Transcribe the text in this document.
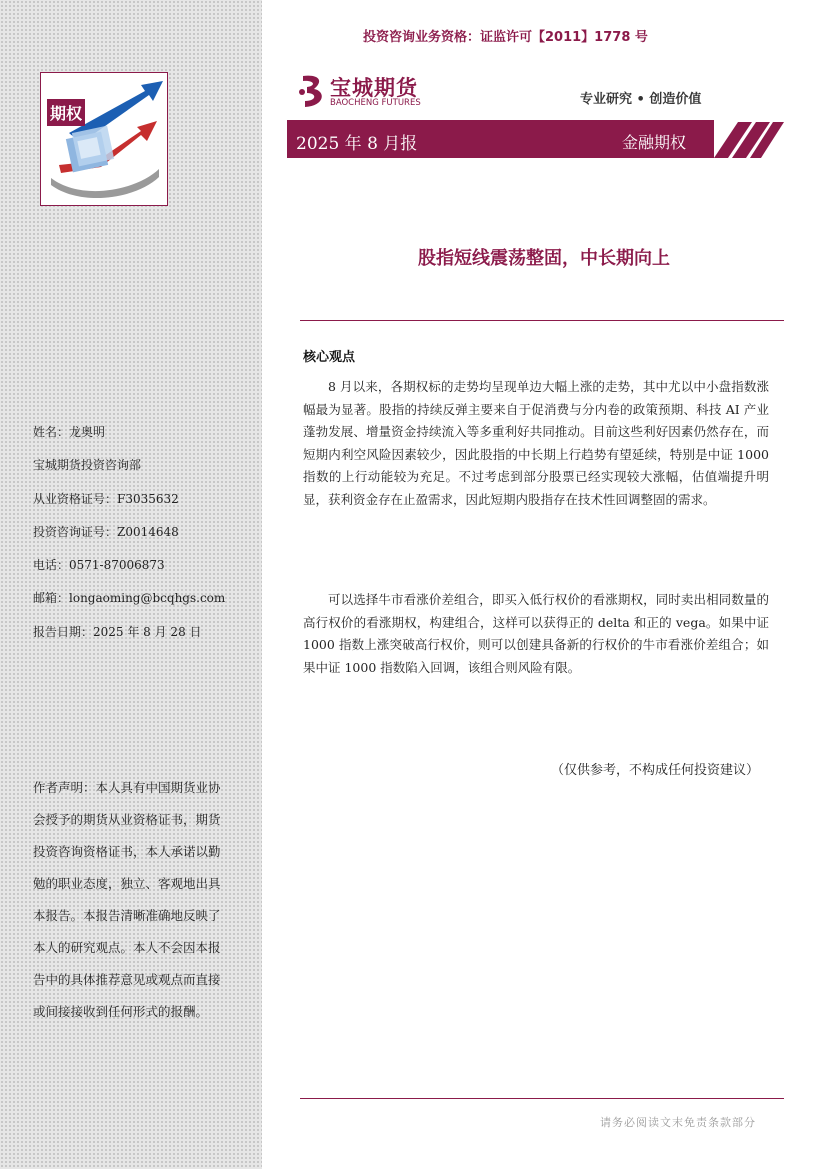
期权
姓名：龙奥明
宝城期货投资咨询部
从业资格证号：F3035632
投资咨询证号：Z0014648
电话：0571-87006873
邮箱：longaoming@bcqhgs.com
报告日期：2025 年 8 月 28 日

作者声明：本人具有中国期货业协会授予的期货从业资格证书，期货投资咨询资格证书，本人承诺以勤勉的职业态度，独立、客观地出具本报告。本报告清晰准确地反映了本人的研究观点。本人不会因本报告中的具体推荐意见或观点而直接或间接接收到任何形式的报酬。

投资咨询业务资格：证监许可【2011】1778 号
宝城期货
BAOCHENG FUTURES	专业研究 • 创造价值
2025 年 8 月报	金融期权
股指短线震荡整固，中长期向上
核心观点

8 月以来，各期权标的走势均呈现单边大幅上涨的走势，其中尤以中小盘指数涨幅最为显著。股指的持续反弹主要来自于促消费与分内卷的政策预期、科技 AI 产业蓬勃发展、增量资金持续流入等多重利好共同推动。目前这些利好因素仍然存在，而短期内利空风险因素较少，因此股指的中长期上行趋势有望延续，特别是中证 1000 指数的上行动能较为充足。不过考虑到部分股票已经实现较大涨幅，估值端提升明显，获利资金存在止盈需求，因此短期内股指存在技术性回调整固的需求。

可以选择牛市看涨价差组合，即买入低行权价的看涨期权，同时卖出相同数量的高行权价的看涨期权，构建组合，这样可以获得正的 delta 和正的 vega。如果中证 1000 指数上涨突破高行权价，则可以创建具备新的行权价的牛市看涨价差组合；如果中证 1000 指数陷入回调，该组合则风险有限。

（仅供参考，不构成任何投资建议）
请务必阅读文末免责条款部分
